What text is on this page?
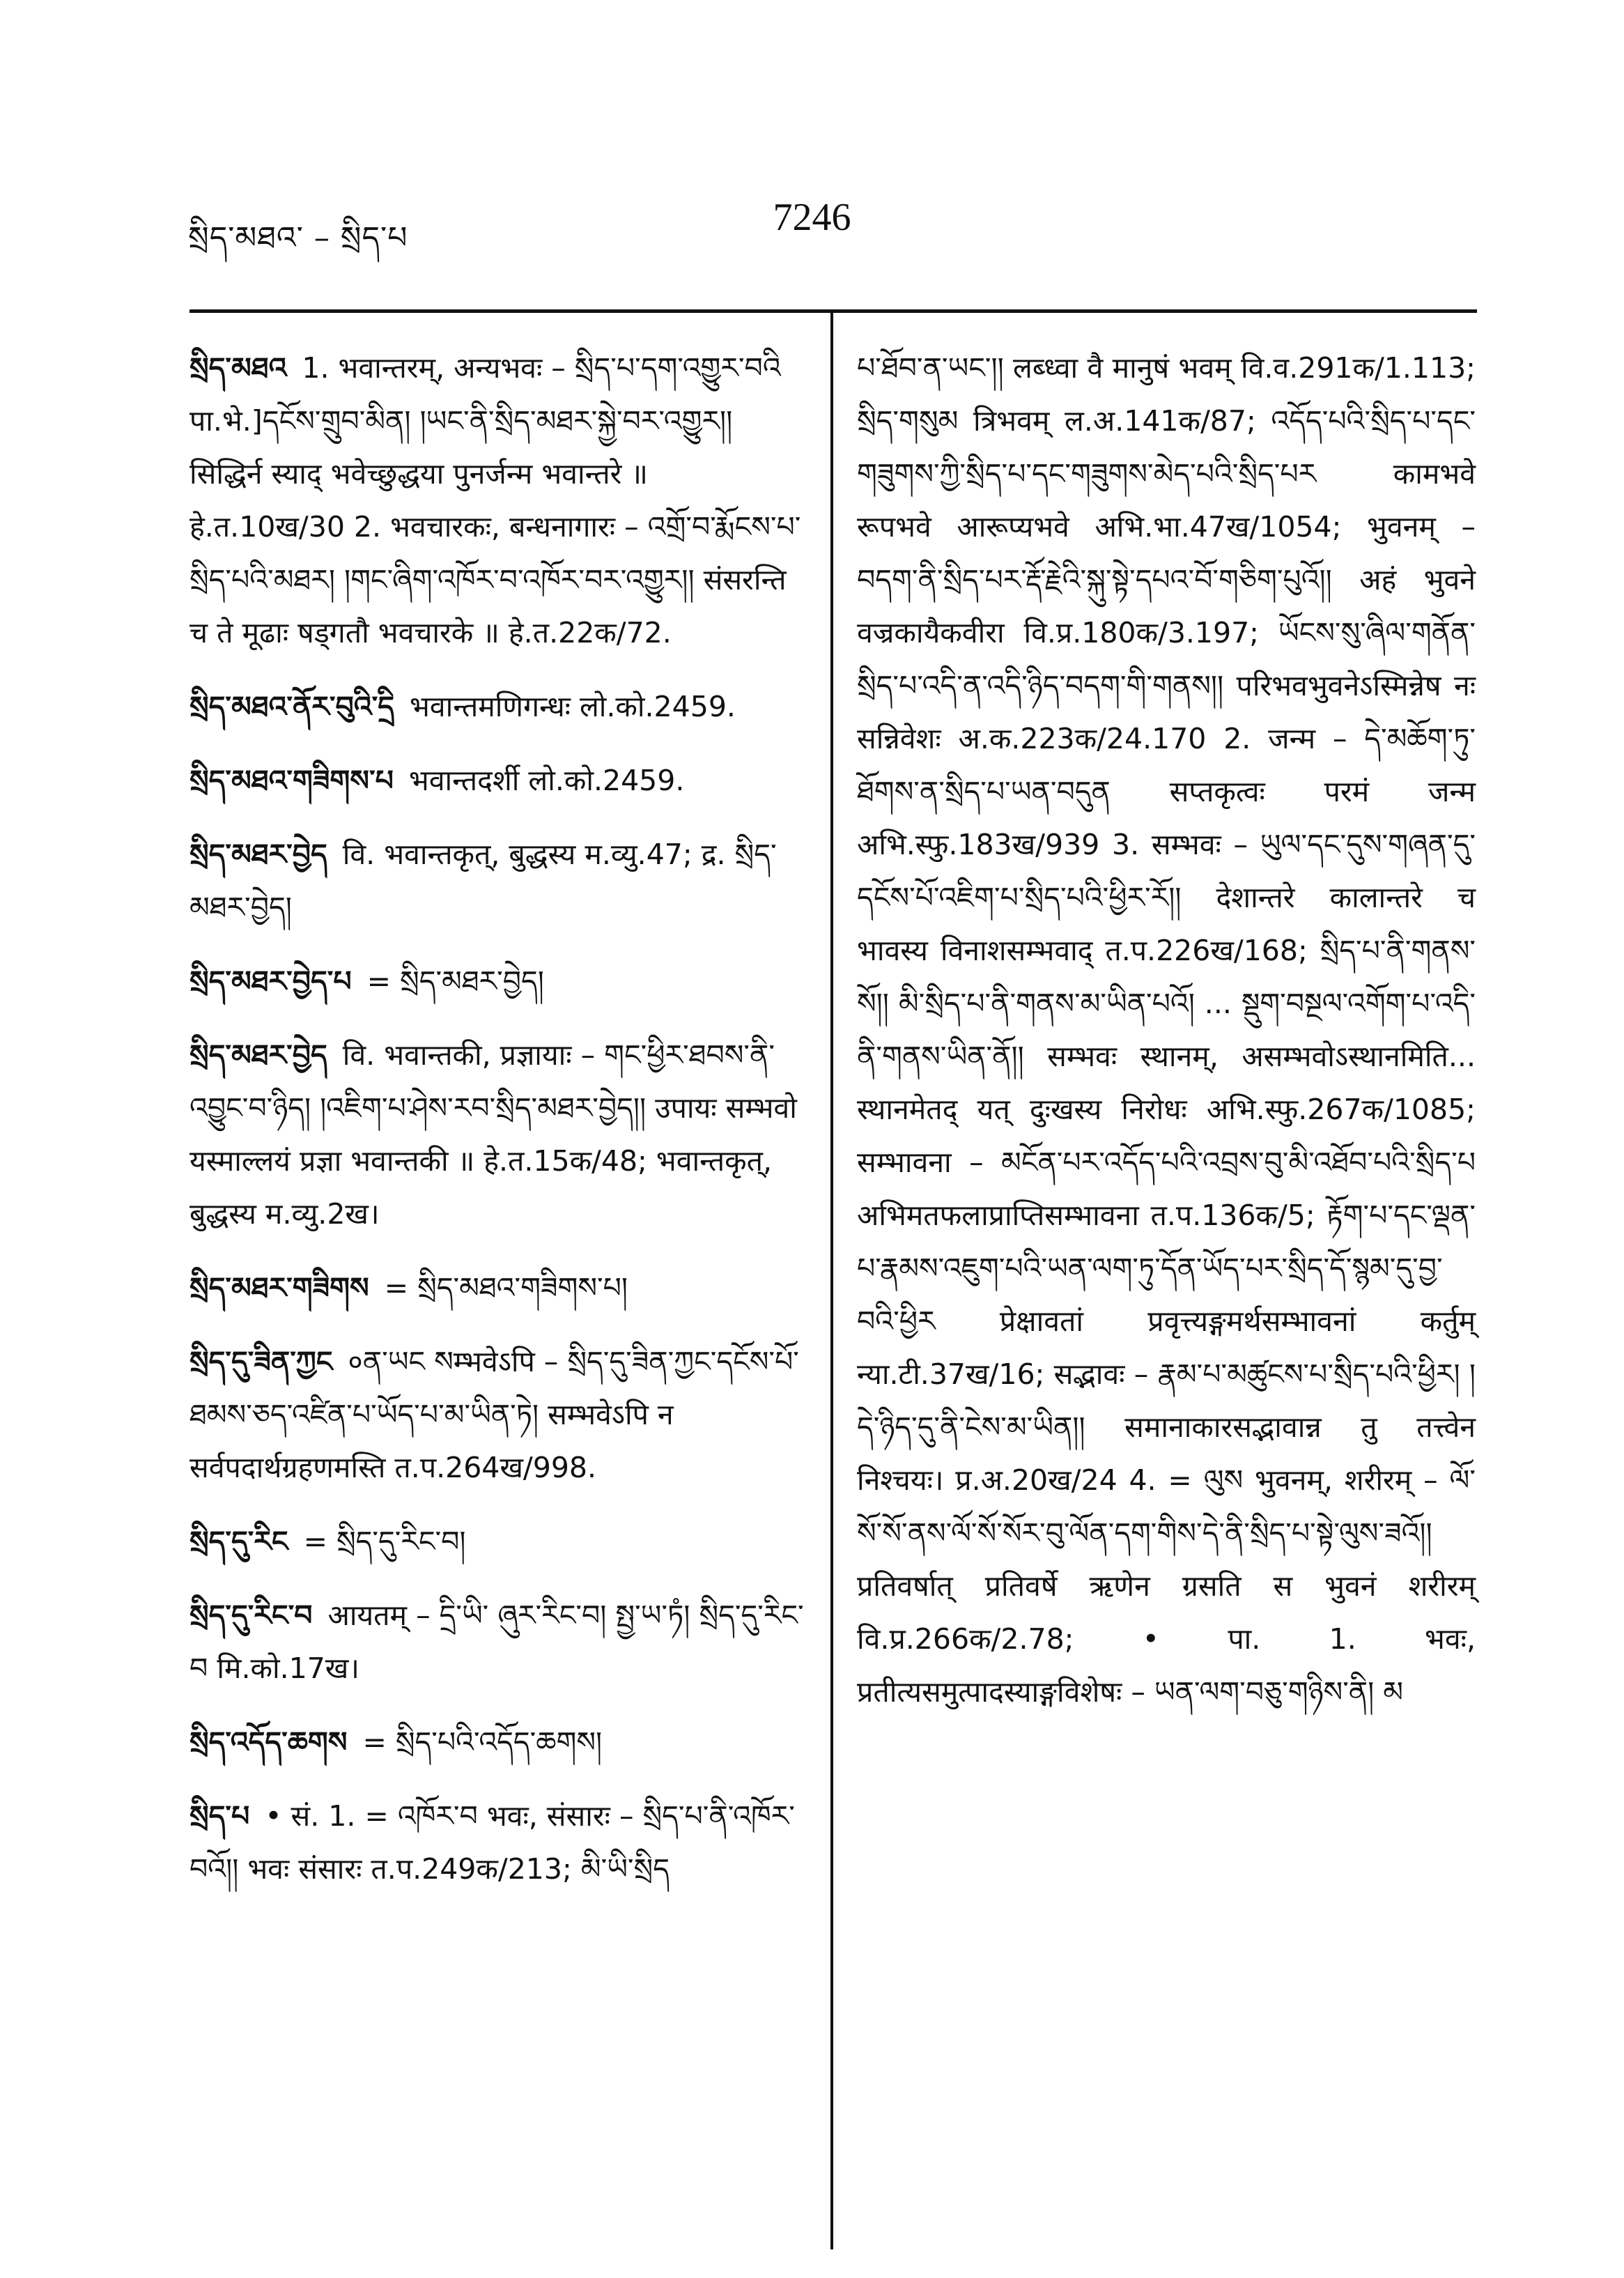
སྲིད་མཐའ་ – སྲིད་པ	7246
སྲིད་མཐའ 1. भवान्तरम्, अन्यभवः – སྲིད་པ་དག་འགྱུར་བའི पा.भे.]དངོས་གྲུབ་མིན། །ཡང་ནི་སྲིད་མཐར་སྐྱེ་བར་འགྱུར།། सिद्धिर्न स्याद् भवेच्छुद्धया पुनर्जन्म भवान्तरे ॥ हे.त.10ख/30 2. भवचारकः, बन्धनागारः – འགྲོ་བ་རྨོངས་པ་སྲིད་པའི་མཐར། །གང་ཞིག་འཁོར་བ་འཁོར་བར་འགྱུར།། संसरन्ति च ते मूढाः षड्गतौ भवचारके ॥ हे.त.22क/72.
སྲིད་མཐའ་ནོར་བུའི་དྲི भवान्तमणिगन्धः लो.को.2459.
སྲིད་མཐའ་གཟིགས་པ भवान्तदर्शी लो.को.2459.
སྲིད་མཐར་བྱེད वि. भवान्तकृत्, बुद्धस्य म.व्यु.47; द्र. སྲིད་མཐར་བྱེད།
སྲིད་མཐར་བྱེད་པ = སྲིད་མཐར་བྱེད།
སྲིད་མཐར་བྱེད वि. भवान्तकी, प्रज्ञायाः – གང་ཕྱིར་ཐབས་ནི་འབྱུང་བ་ཉིད། །འཇིག་པ་ཤེས་རབ་སྲིད་མཐར་བྱེད།། उपायः सम्भवो यस्माल्लयं प्रज्ञा भवान्तकी ॥ हे.त.15क/48; भवान्तकृत्, बुद्धस्य म.व्यु.2ख।
སྲིད་མཐར་གཟིགས = སྲིད་མཐའ་གཟིགས་པ།
སྲིད་དུ་ཟིན་ཀྱང ०ན་ཡང སम्भवेऽपि – སྲིད་དུ་ཟིན་ཀྱང་དངོས་པོ་ཐམས་ཅད་འཛིན་པ་ཡོད་པ་མ་ཡིན་ཏེ། सम्भवेऽपि न सर्वपदार्थग्रहणमस्ति त.प.264ख/998.
སྲིད་དུ་རིང = སྲིད་དུ་རིང་བ།
སྲིད་དུ་རིང་བ आयतम् – དྲི་ཡི་ ཞུར་རིང་བ། སྤྱ་ཡ་ཏཾ། སྲིད་དུ་རིང་བ मि.को.17ख।
སྲིད་འདོད་ཆགས = སྲིད་པའི་འདོད་ཆགས།
སྲིད་པ • सं. 1. = འཁོར་བ भवः, संसारः – སྲིད་པ་ནི་འཁོར་བའོ།། भवः संसारः त.प.249क/213; མི་ཡི་སྲིད
པ་ཐོབ་ན་ཡང༌།། लब्ध्वा वै मानुषं भवम् वि.व.291क/1.113; སྲིད་གསུམ त्रिभवम् ल.अ.141क/87; འདོད་པའི་སྲིད་པ་དང་གཟུགས་ཀྱི་སྲིད་པ་དང་གཟུགས་མེད་པའི་སྲིད་པར कामभवे रूपभवे आरूप्यभवे अभि.भा.47ख/1054; भुवनम् – བདག་ནི་སྲིད་པར་རྡོ་རྗེའི་སྐུ་སྟེ་དཔའ་བོ་གཅིག་པུའོ།། अहं भुवने वज्रकायैकवीरा वि.प्र.180क/3.197; ཡོངས་སུ་ཞིལ་གནོན་སྲིད་པ་འདི་ན་འདི་ཉིད་བདག་གི་གནས།། परिभवभुवनेऽस्मिन्नेष नः सन्निवेशः अ.क.223क/24.170 2. जन्म – དེ་མཆོག་ཏུ་ཐོགས་ན་སྲིད་པ་ཡན་བདུན सप्तकृत्वः परमं जन्म अभि.स्फु.183ख/939 3. सम्भवः – ཡུལ་དང་དུས་གཞན་དུ་དངོས་པོ་འཇིག་པ་སྲིད་པའི་ཕྱིར་རོ།། देशान्तरे कालान्तरे च भावस्य विनाशसम्भवाद् त.प.226ख/168; སྲིད་པ་ནི་གནས་སོ།། མི་སྲིད་པ་ནི་གནས་མ་ཡིན་པའོ། ... སྡུག་བསྔལ་འགོག་པ་འདི་ནི་གནས་ཡིན་ནོ།། सम्भवः स्थानम्, असम्भवोऽस्थानमिति... स्थानमेतद् यत् दुःखस्य निरोधः अभि.स्फु.267क/1085; सम्भावना – མངོན་པར་འདོད་པའི་འབྲས་བུ་མི་འཐོབ་པའི་སྲིད་པ अभिमतफलाप्राप्तिसम्भावना त.प.136क/5; རྟོག་པ་དང་ལྡན་པ་རྣམས་འཇུག་པའི་ཡན་ལག་ཏུ་དོན་ཡོད་པར་སྲིད་དོ་སྙམ་དུ་བྱ་བའི་ཕྱིར प्रेक्षावतां प्रवृत्त्यङ्गमर्थसम्भावनां कर्तुम् न्या.टी.37ख/16; सद्भावः – རྣམ་པ་མཚུངས་པ་སྲིད་པའི་ཕྱིར། །དེ་ཉིད་དུ་ནི་ངེས་མ་ཡིན།། समानाकारसद्भावान्न तु तत्त्वेन निश्चयः। प्र.अ.20ख/24 4. = ལུས भुवनम्, शरीरम् – ལོ་སོ་སོ་ནས་ལོ་སོ་སོར་བུ་ལོན་དག་གིས་དེ་ནི་སྲིད་པ་སྟེ་ལུས་ཟའོ།། प्रतिवर्षात् प्रतिवर्षे ऋणेन ग्रसति स भुवनं शरीरम् वि.प्र.266क/2.78; • पा. 1. भवः, प्रतीत्यसमुत्पादस्याङ्गविशेषः – ཡན་ལག་བཅུ་གཉིས་ནི། མ
